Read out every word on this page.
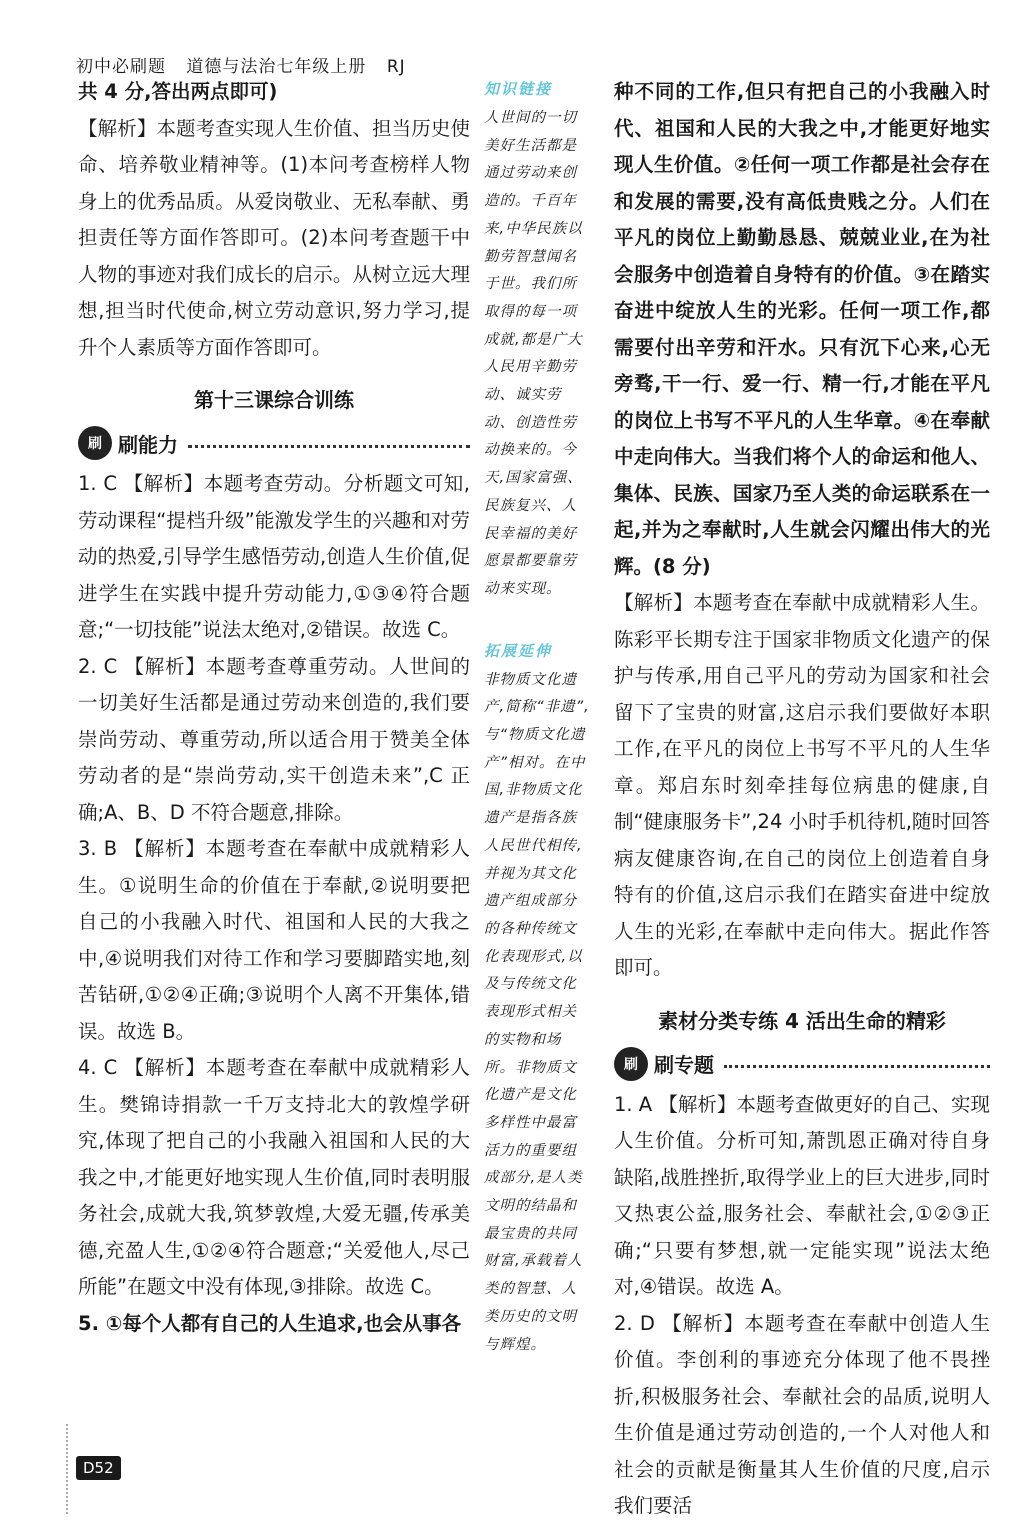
初中必刷题 道德与法治七年级上册 RJ

共 4 分,答出两点即可)

【解析】本题考查实现人生价值、担当历史使命、培养敬业精神等。(1)本问考查榜样人物身上的优秀品质。从爱岗敬业、无私奉献、勇担责任等方面作答即可。(2)本问考查题干中人物的事迹对我们成长的启示。从树立远大理想,担当时代使命,树立劳动意识,努力学习,提升个人素质等方面作答即可。

第十三课综合训练
刷 刷能力

1. C 【解析】本题考查劳动。分析题文可知,劳动课程“提档升级”能激发学生的兴趣和对劳动的热爱,引导学生感悟劳动,创造人生价值,促进学生在实践中提升劳动能力,①③④符合题意;“一切技能”说法太绝对,②错误。故选 C。

2. C 【解析】本题考查尊重劳动。人世间的一切美好生活都是通过劳动来创造的,我们要崇尚劳动、尊重劳动,所以适合用于赞美全体劳动者的是“崇尚劳动,实干创造未来”,C 正确;A、B、D 不符合题意,排除。

3. B 【解析】本题考查在奉献中成就精彩人生。①说明生命的价值在于奉献,②说明要把自己的小我融入时代、祖国和人民的大我之中,④说明我们对待工作和学习要脚踏实地,刻苦钻研,①②④正确;③说明个人离不开集体,错误。故选 B。

4. C 【解析】本题考查在奉献中成就精彩人生。樊锦诗捐款一千万支持北大的敦煌学研究,体现了把自己的小我融入祖国和人民的大我之中,才能更好地实现人生价值,同时表明服务社会,成就大我,筑梦敦煌,大爱无疆,传承美德,充盈人生,①②④符合题意;“关爱他人,尽己所能”在题文中没有体现,③排除。故选 C。

5. ①每个人都有自己的人生追求,也会从事各

知识链接
人世间的一切美好生活都是通过劳动来创造的。千百年来,中华民族以勤劳智慧闻名于世。我们所取得的每一项成就,都是广大人民用辛勤劳动、诚实劳动、创造性劳动换来的。今天,国家富强、民族复兴、人民幸福的美好愿景都要靠劳动来实现。
拓展延伸
非物质文化遗产,简称“非遗”,与“物质文化遗产”相对。在中国,非物质文化遗产是指各族人民世代相传,并视为其文化遗产组成部分的各种传统文化表现形式,以及与传统文化表现形式相关的实物和场所。非物质文化遗产是文化多样性中最富活力的重要组成部分,是人类文明的结晶和最宝贵的共同财富,承载着人类的智慧、人类历史的文明与辉煌。

种不同的工作,但只有把自己的小我融入时代、祖国和人民的大我之中,才能更好地实现人生价值。②任何一项工作都是社会存在和发展的需要,没有高低贵贱之分。人们在平凡的岗位上勤勤恳恳、兢兢业业,在为社会服务中创造着自身特有的价值。③在踏实奋进中绽放人生的光彩。任何一项工作,都需要付出辛劳和汗水。只有沉下心来,心无旁骛,干一行、爱一行、精一行,才能在平凡的岗位上书写不平凡的人生华章。④在奉献中走向伟大。当我们将个人的命运和他人、集体、民族、国家乃至人类的命运联系在一起,并为之奉献时,人生就会闪耀出伟大的光辉。(8 分)

【解析】本题考查在奉献中成就精彩人生。陈彩平长期专注于国家非物质文化遗产的保护与传承,用自己平凡的劳动为国家和社会留下了宝贵的财富,这启示我们要做好本职工作,在平凡的岗位上书写不平凡的人生华章。郑启东时刻牵挂每位病患的健康,自制“健康服务卡”,24 小时手机待机,随时回答病友健康咨询,在自己的岗位上创造着自身特有的价值,这启示我们在踏实奋进中绽放人生的光彩,在奉献中走向伟大。据此作答即可。

素材分类专练 4 活出生命的精彩
刷 刷专题

1. A 【解析】本题考查做更好的自己、实现人生价值。分析可知,萧凯恩正确对待自身缺陷,战胜挫折,取得学业上的巨大进步,同时又热衷公益,服务社会、奉献社会,①②③正确;“只要有梦想,就一定能实现”说法太绝对,④错误。故选 A。

2. D 【解析】本题考查在奉献中创造人生价值。李创利的事迹充分体现了他不畏挫折,积极服务社会、奉献社会的品质,说明人生价值是通过劳动创造的,一个人对他人和社会的贡献是衡量其人生价值的尺度,启示我们要活

D52
